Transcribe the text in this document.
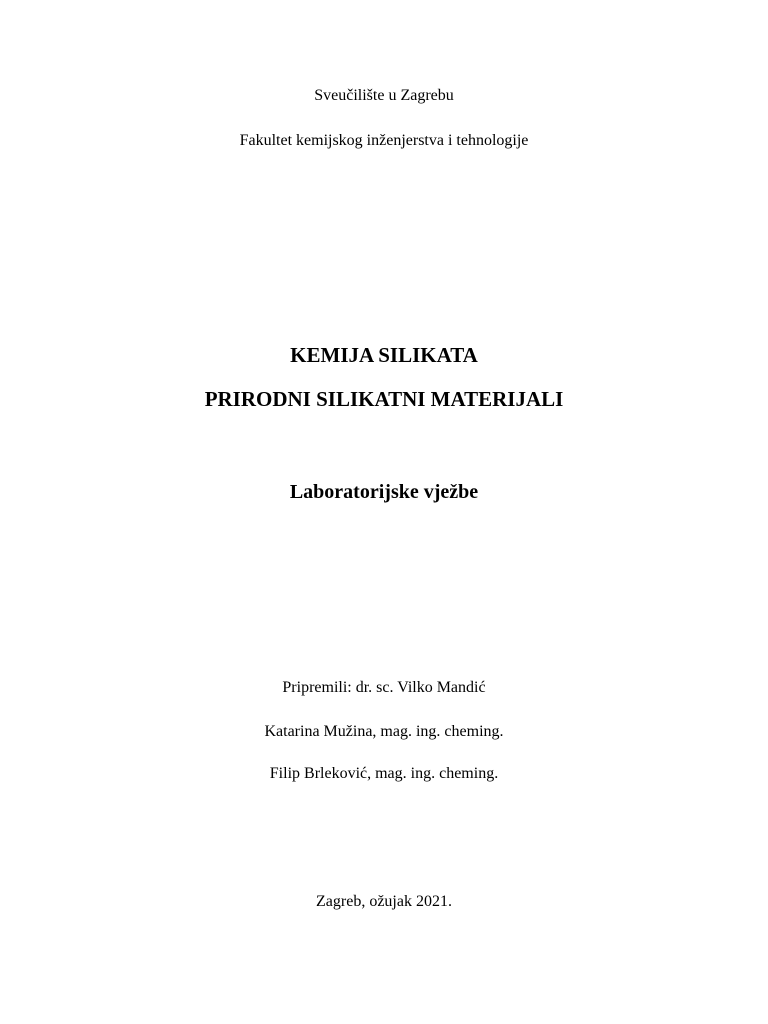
Sveučilište u Zagrebu
Fakultet kemijskog inženjerstva i tehnologije
KEMIJA SILIKATA
PRIRODNI SILIKATNI MATERIJALI
Laboratorijske vježbe
Pripremili: dr. sc. Vilko Mandić
Katarina Mužina, mag. ing. cheming.
Filip Brleković, mag. ing. cheming.
Zagreb, ožujak 2021.
